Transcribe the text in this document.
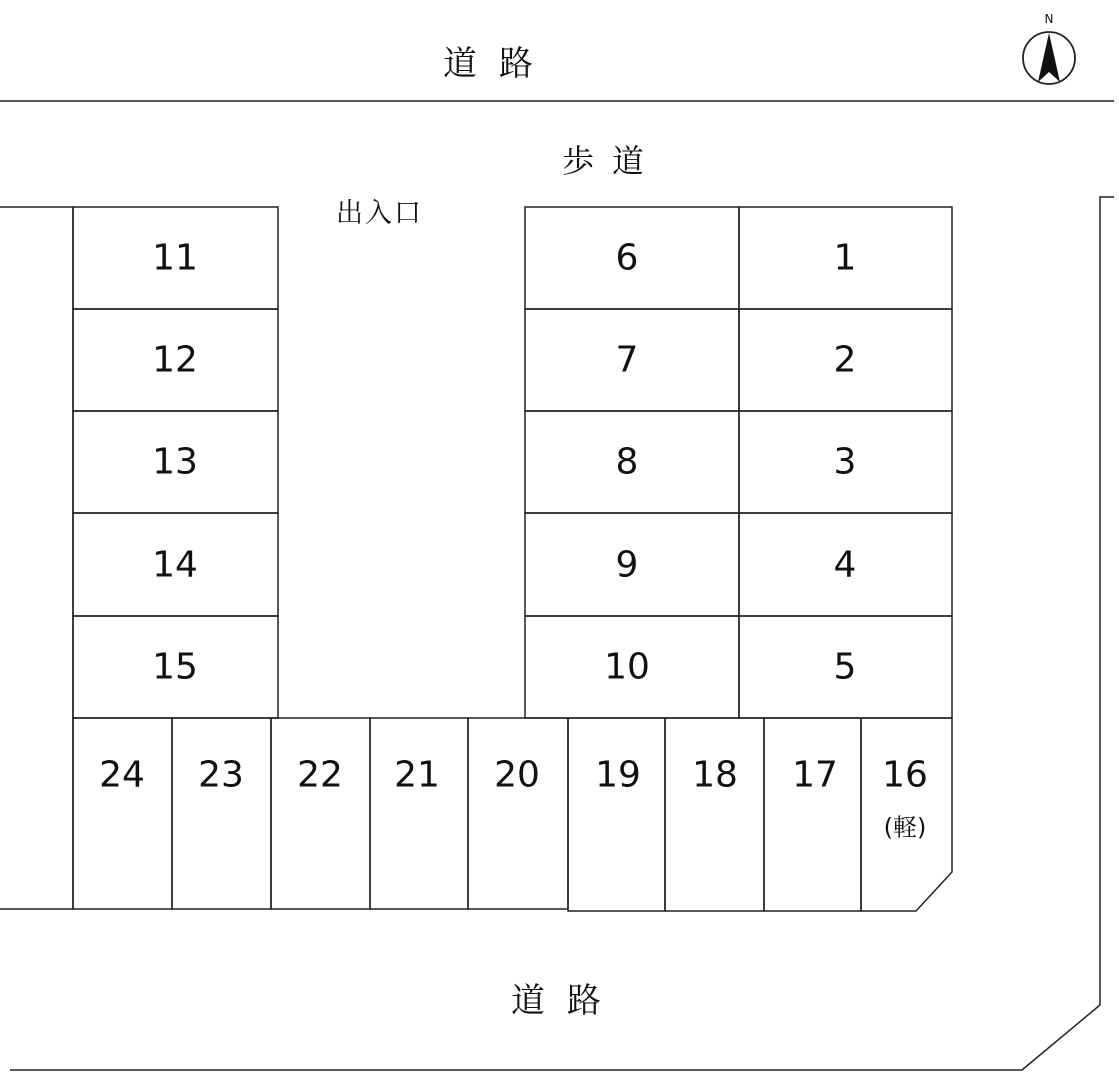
道路
歩道
出入口
道路
N
11
12
13
14
15
6
7
8
9
10
1
2
3
4
5
24 23 22 21 20 19 18 17 16
(軽)
